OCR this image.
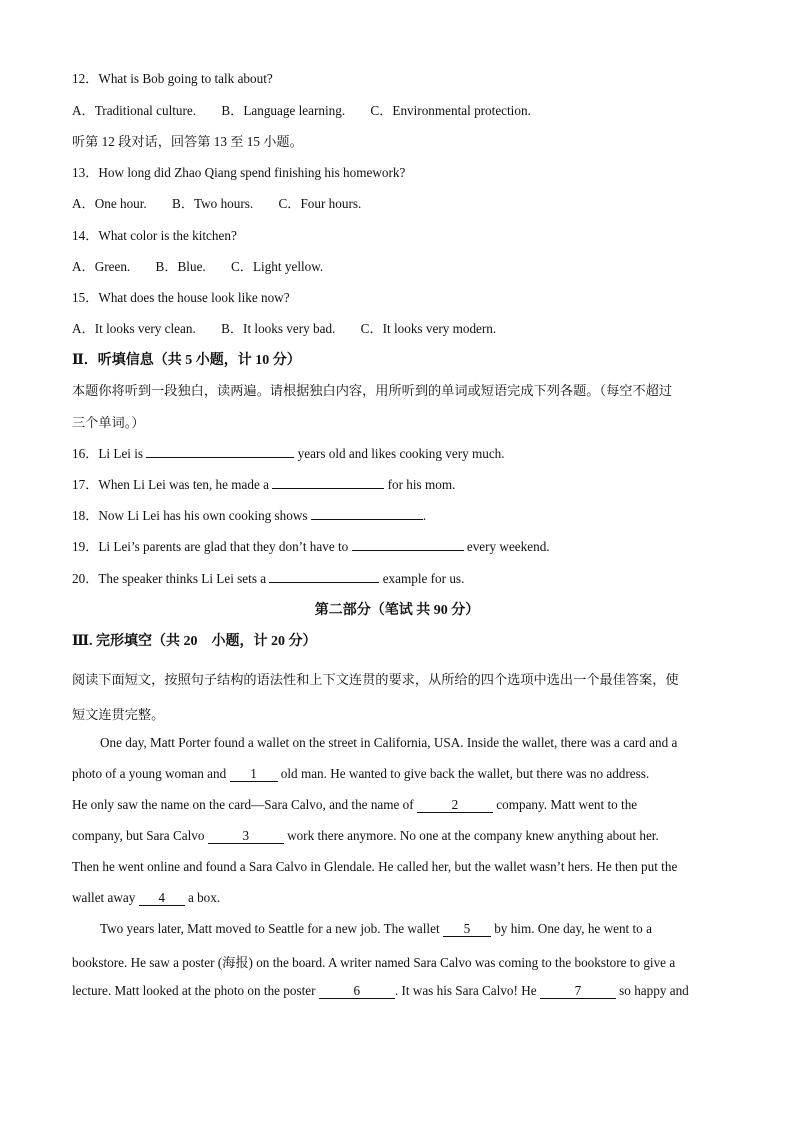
12．What is Bob going to talk about?
A．Traditional culture. B．Language learning. C．Environmental protection.
听第 12 段对话，回答第 13 至 15 小题。
13．How long did Zhao Qiang spend finishing his homework?
A．One hour. B．Two hours. C．Four hours.
14．What color is the kitchen?
A．Green. B．Blue. C．Light yellow.
15．What does the house look like now?
A．It looks very clean. B．It looks very bad. C．It looks very modern.
Ⅱ．听填信息（共 5 小题，计 10 分）
本题你将听到一段独白，读两遍。请根据独白内容，用所听到的单词或短语完成下列各题。（每空不超过
三个单词。）
16．Li Lei is	years old and likes cooking very much.
17．When Li Lei was ten, he made a	for his mom.
18．Now Li Lei has his own cooking shows	.
19．Li Lei’s parents are glad that they don’t have to	every weekend.
20．The speaker thinks Li Lei sets a	example for us.
第二部分（笔试 共 90 分）
Ⅲ. 完形填空（共 20　小题，计 20 分）
阅读下面短文，按照句子结构的语法性和上下文连贯的要求，从所给的四个选项中选出一个最佳答案，使
短文连贯完整。
One day, Matt Porter found a wallet on the street in California, USA. Inside the wallet, there was a card and a
photo of a young woman and 1 old man. He wanted to give back the wallet, but there was no address.
He only saw the name on the card—Sara Calvo, and the name of	2	company. Matt went to the
company, but Sara Calvo	3	work there anymore. No one at the company knew anything about her.
Then he went online and found a Sara Calvo in Glendale. He called her, but the wallet wasn’t hers. He then put the
wallet away 4 a box.
Two years later, Matt moved to Seattle for a new job. The wallet 5 by him. One day, he went to a
bookstore. He saw a poster (海报) on the board. A writer named Sara Calvo was coming to the bookstore to give a
lecture. Matt looked at the photo on the poster	6	. It was his Sara Calvo! He	7	so happy and
